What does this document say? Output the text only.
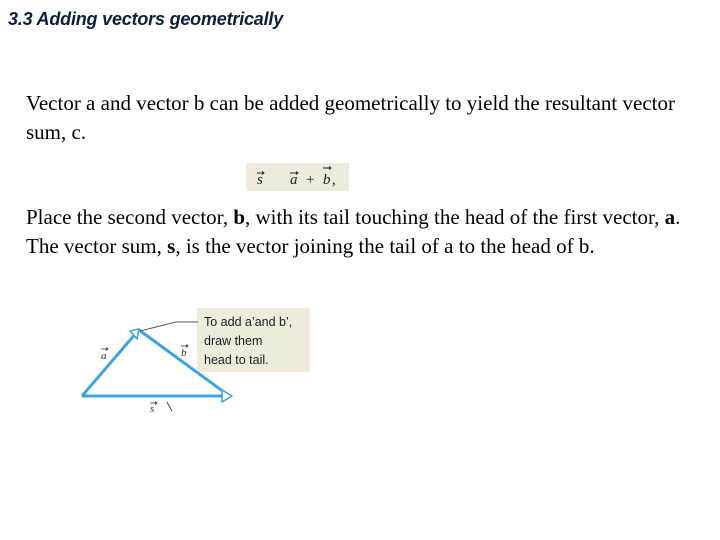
3.3 Adding vectors geometrically

Vector a and vector b can be added geometrically to yield the resultant vector sum, c.

s a + b ,

Place the second vector, b, with its tail touching the head of the first vector, a. The vector sum, s, is the vector joining the tail of a to the head of b.

To add a’and b’,
draw them
head to tail.
a	b
s
